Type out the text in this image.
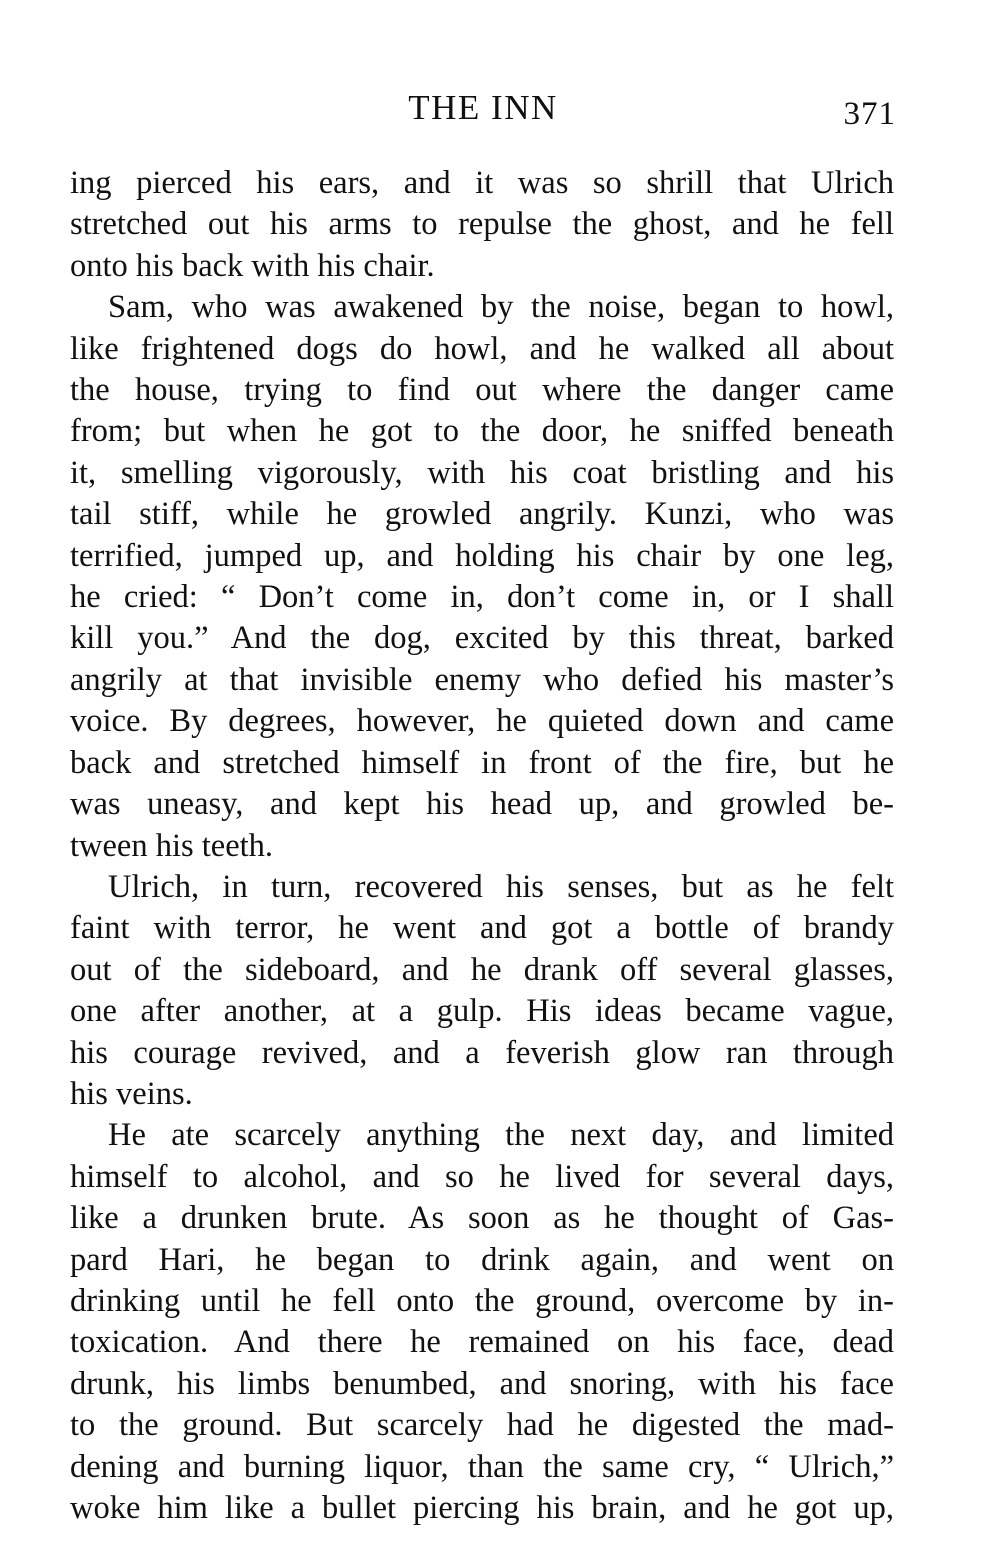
THE INN	371

ing pierced his ears, and it was so shrill that Ulrich

stretched out his arms to repulse the ghost, and he fell

onto his back with his chair.

Sam, who was awakened by the noise, began to howl,

like frightened dogs do howl, and he walked all about

the house, trying to find out where the danger came

from; but when he got to the door, he sniffed beneath

it, smelling vigorously, with his coat bristling and his

tail stiff, while he growled angrily. Kunzi, who was

terrified, jumped up, and holding his chair by one leg,

he cried: “ Don’t come in, don’t come in, or I shall

kill you.” And the dog, excited by this threat, barked

angrily at that invisible enemy who defied his master’s

voice. By degrees, however, he quieted down and came

back and stretched himself in front of the fire, but he

was uneasy, and kept his head up, and growled be-

tween his teeth.

Ulrich, in turn, recovered his senses, but as he felt

faint with terror, he went and got a bottle of brandy

out of the sideboard, and he drank off several glasses,

one after another, at a gulp. His ideas became vague,

his courage revived, and a feverish glow ran through

his veins.

He ate scarcely anything the next day, and limited

himself to alcohol, and so he lived for several days,

like a drunken brute. As soon as he thought of Gas-

pard Hari, he began to drink again, and went on

drinking until he fell onto the ground, overcome by in-

toxication. And there he remained on his face, dead

drunk, his limbs benumbed, and snoring, with his face

to the ground. But scarcely had he digested the mad-

dening and burning liquor, than the same cry, “ Ulrich,”

woke him like a bullet piercing his brain, and he got up,
